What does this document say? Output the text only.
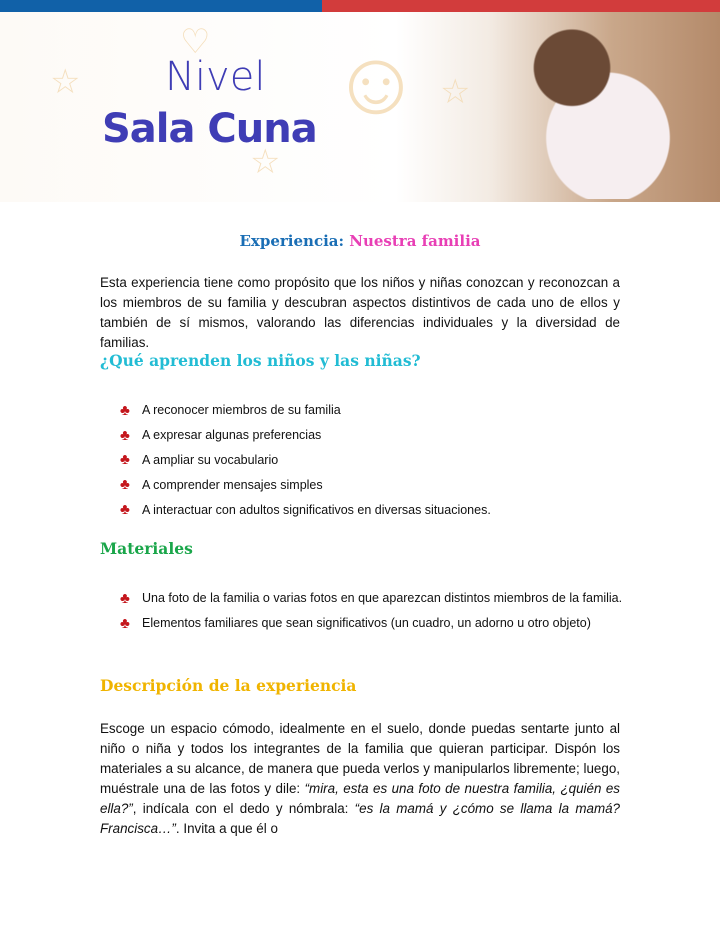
☆
☆
☆
☺
♡
Nivel
Sala Cuna
Experiencia: Nuestra familia
Esta experiencia tiene como propósito que los niños y niñas conozcan y reconozcan a los miembros de su familia y descubran aspectos distintivos de cada uno de ellos y también de sí mismos, valorando las diferencias individuales y la diversidad de familias.
¿Qué aprenden los niños y las niñas?
♣ A reconocer miembros de su familia
♣ A expresar algunas preferencias
♣ A ampliar su vocabulario
♣ A comprender mensajes simples
♣ A interactuar con adultos significativos en diversas situaciones.
Materiales
♣ Una foto de la familia o varias fotos en que aparezcan distintos miembros de la familia.
♣ Elementos familiares que sean significativos (un cuadro, un adorno u otro objeto)
Descripción de la experiencia
Escoge un espacio cómodo, idealmente en el suelo, donde puedas sentarte junto al niño o niña y todos los integrantes de la familia que quieran participar. Dispón los materiales a su alcance, de manera que pueda verlos y manipularlos libremente; luego, muéstrale una de las fotos y dile: “mira, esta es una foto de nuestra familia, ¿quién es ella?”, indícala con el dedo y nómbrala: “es la mamá y ¿cómo se llama la mamá? Francisca…”. Invita a que él o
